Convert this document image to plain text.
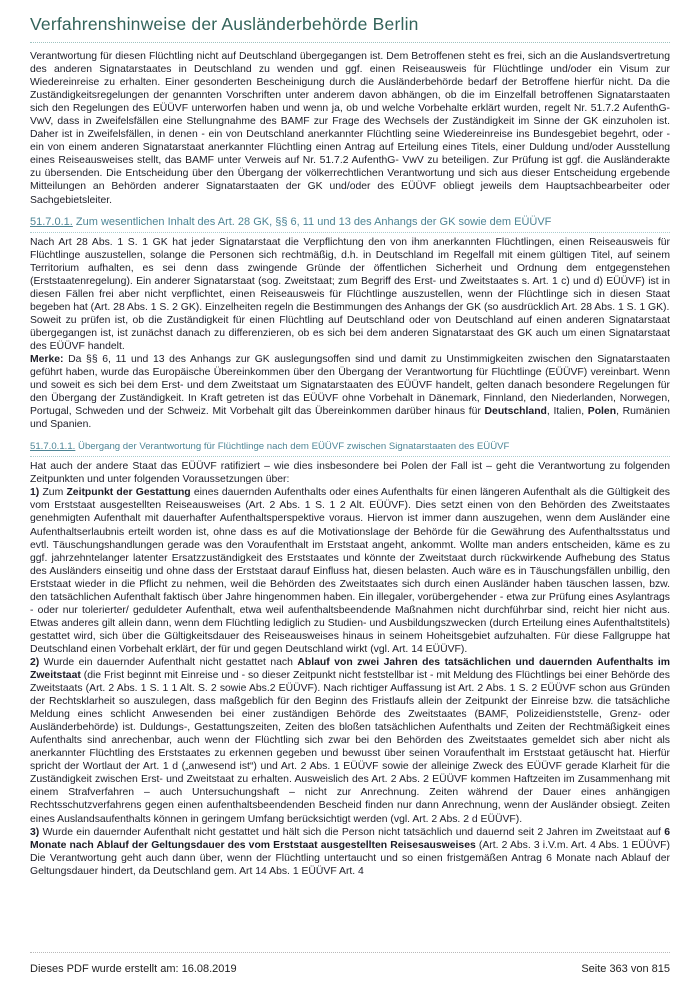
Verfahrenshinweise der Ausländerbehörde Berlin

Verantwortung für diesen Flüchtling nicht auf Deutschland übergegangen ist. Dem Betroffenen steht es frei, sich an die Auslandsvertretung des anderen Signatarstaates in Deutschland zu wenden und ggf. einen Reiseausweis für Flüchtlinge und/oder ein Visum zur Wiedereinreise zu erhalten. Einer gesonderten Bescheinigung durch die Ausländerbehörde bedarf der Betroffene hierfür nicht. Da die Zuständigkeitsregelungen der genannten Vorschriften unter anderem davon abhängen, ob die im Einzelfall betroffenen Signatarstaaten sich den Regelungen des EÜÜVF unterworfen haben und wenn ja, ob und welche Vorbehalte erklärt wurden, regelt Nr. 51.7.2 AufenthG- VwV, dass in Zweifelsfällen eine Stellungnahme des BAMF zur Frage des Wechsels der Zuständigkeit im Sinne der GK einzuholen ist. Daher ist in Zweifelsfällen, in denen - ein von Deutschland anerkannter Flüchtling seine Wiedereinreise ins Bundesgebiet begehrt, oder - ein von einem anderen Signatarstaat anerkannter Flüchtling einen Antrag auf Erteilung eines Titels, einer Duldung und/oder Ausstellung eines Reiseausweises stellt, das BAMF unter Verweis auf Nr. 51.7.2 AufenthG- VwV zu beteiligen. Zur Prüfung ist ggf. die Ausländerakte zu übersenden. Die Entscheidung über den Übergang der völkerrechtlichen Verantwortung und sich aus dieser Entscheidung ergebende Mitteilungen an Behörden anderer Signatarstaaten der GK und/oder des EÜÜVF obliegt jeweils dem Hauptsachbearbeiter oder Sachgebietsleiter.

51.7.0.1. Zum wesentlichen Inhalt des Art. 28 GK, §§ 6, 11 und 13 des Anhangs der GK sowie dem EÜÜVF

Nach Art 28 Abs. 1 S. 1 GK hat jeder Signatarstaat die Verpflichtung den von ihm anerkannten Flüchtlingen, einen Reiseausweis für Flüchtlinge auszustellen, solange die Personen sich rechtmäßig, d.h. in Deutschland im Regelfall mit einem gültigen Titel, auf seinem Territorium aufhalten, es sei denn dass zwingende Gründe der öffentlichen Sicherheit und Ordnung dem entgegenstehen (Erststaatenregelung). Ein anderer Signatarstaat (sog. Zweitstaat; zum Begriff des Erst- und Zweitstaates s. Art. 1 c) und d) EÜÜVF) ist in diesen Fällen frei aber nicht verpflichtet, einen Reiseausweis für Flüchtlinge auszustellen, wenn der Flüchtlinge sich in diesen Staat begeben hat (Art. 28 Abs. 1 S. 2 GK). Einzelheiten regeln die Bestimmungen des Anhangs der GK (so ausdrücklich Art. 28 Abs. 1 S. 1 GK).

Soweit zu prüfen ist, ob die Zuständigkeit für einen Flüchtling auf Deutschland oder von Deutschland auf einen anderen Signatarstaat übergegangen ist, ist zunächst danach zu differenzieren, ob es sich bei dem anderen Signatarstaat des GK auch um einen Signatarstaat des EÜÜVF handelt.

Merke: Da §§ 6, 11 und 13 des Anhangs zur GK auslegungsoffen sind und damit zu Unstimmigkeiten zwischen den Signatarstaaten geführt haben, wurde das Europäische Übereinkommen über den Übergang der Verantwortung für Flüchtlinge (EÜÜVF) vereinbart. Wenn und soweit es sich bei dem Erst- und dem Zweitstaat um Signatarstaaten des EÜÜVF handelt, gelten danach besondere Regelungen für den Übergang der Zuständigkeit. In Kraft getreten ist das EÜÜVF ohne Vorbehalt in Dänemark, Finnland, den Niederlanden, Norwegen, Portugal, Schweden und der Schweiz. Mit Vorbehalt gilt das Übereinkommen darüber hinaus für Deutschland, Italien, Polen, Rumänien und Spanien.

51.7.0.1.1. Übergang der Verantwortung für Flüchtlinge nach dem EÜÜVF zwischen Signatarstaaten des EÜÜVF

Hat auch der andere Staat das EÜÜVF ratifiziert – wie dies insbesondere bei Polen der Fall ist – geht die Verantwortung zu folgenden Zeitpunkten und unter folgenden Voraussetzungen über:

1) Zum Zeitpunkt der Gestattung eines dauernden Aufenthalts oder eines Aufenthalts für einen längeren Aufenthalt als die Gültigkeit des vom Erststaat ausgestellten Reiseausweises (Art. 2 Abs. 1 S. 1 2 Alt. EÜÜVF). Dies setzt einen von den Behörden des Zweitstaates genehmigten Aufenthalt mit dauerhafter Aufenthaltsperspektive voraus. Hiervon ist immer dann auszugehen, wenn dem Ausländer eine Aufenthaltserlaubnis erteilt worden ist, ohne dass es auf die Motivationslage der Behörde für die Gewährung des Aufenthaltsstatus und evtl. Täuschungshandlungen gerade was den Voraufenthalt im Erststaat angeht, ankommt. Wollte man anders entscheiden, käme es zu ggf. jahrzehntelanger latenter Ersatzzuständigkeit des Erststaates und könnte der Zweitstaat durch rückwirkende Aufhebung des Status des Ausländers einseitig und ohne dass der Erststaat darauf Einfluss hat, diesen belasten. Auch wäre es in Täuschungsfällen unbillig, den Erststaat wieder in die Pflicht zu nehmen, weil die Behörden des Zweitstaates sich durch einen Ausländer haben täuschen lassen, bzw. den tatsächlichen Aufenthalt faktisch über Jahre hingenommen haben. Ein illegaler, vorübergehender - etwa zur Prüfung eines Asylantrags - oder nur tolerierter/ geduldeter Aufenthalt, etwa weil aufenthaltsbeendende Maßnahmen nicht durchführbar sind, reicht hier nicht aus. Etwas anderes gilt allein dann, wenn dem Flüchtling lediglich zu Studien- und Ausbildungszwecken (durch Erteilung eines Aufenthaltstitels) gestattet wird, sich über die Gültigkeitsdauer des Reiseausweises hinaus in seinem Hoheitsgebiet aufzuhalten. Für diese Fallgruppe hat Deutschland einen Vorbehalt erklärt, der für und gegen Deutschland wirkt (vgl. Art. 14 EÜÜVF).

2) Wurde ein dauernder Aufenthalt nicht gestattet nach Ablauf von zwei Jahren des tatsächlichen und dauernden Aufenthalts im Zweitstaat (die Frist beginnt mit Einreise und - so dieser Zeitpunkt nicht feststellbar ist - mit Meldung des Flüchtlings bei einer Behörde des Zweitstaats (Art. 2 Abs. 1 S. 1 1 Alt. S. 2 sowie Abs.2 EÜÜVF). Nach richtiger Auffassung ist Art. 2 Abs. 1 S. 2 EÜÜVF schon aus Gründen der Rechtsklarheit so auszulegen, dass maßgeblich für den Beginn des Fristlaufs allein der Zeitpunkt der Einreise bzw. die tatsächliche Meldung eines schlicht Anwesenden bei einer zuständigen Behörde des Zweitstaates (BAMF, Polizeidienststelle, Grenz- oder Ausländerbehörde) ist. Duldungs-, Gestattungszeiten, Zeiten des bloßen tatsächlichen Aufenthalts und Zeiten der Rechtmäßigkeit eines Aufenthalts sind anrechenbar, auch wenn der Flüchtling sich zwar bei den Behörden des Zweitstaates gemeldet sich aber nicht als anerkannter Flüchtling des Erststaates zu erkennen gegeben und bewusst über seinen Voraufenthalt im Erststaat getäuscht hat. Hierfür spricht der Wortlaut der Art. 1 d („anwesend ist“) und Art. 2 Abs. 1 EÜÜVF sowie der alleinige Zweck des EÜÜVF gerade Klarheit für die Zuständigkeit zwischen Erst- und Zweitstaat zu erhalten. Ausweislich des Art. 2 Abs. 2 EÜÜVF kommen Haftzeiten im Zusammenhang mit einem Strafverfahren – auch Untersuchungshaft – nicht zur Anrechnung. Zeiten während der Dauer eines anhängigen Rechtsschutzverfahrens gegen einen aufenthaltsbeendenden Bescheid finden nur dann Anrechnung, wenn der Ausländer obsiegt. Zeiten eines Auslandsaufenthalts können in geringem Umfang berücksichtigt werden (vgl. Art. 2 Abs. 2 d EÜÜVF).

3) Wurde ein dauernder Aufenthalt nicht gestattet und hält sich die Person nicht tatsächlich und dauernd seit 2 Jahren im Zweitstaat auf 6 Monate nach Ablauf der Geltungsdauer des vom Erststaat ausgestellten Reisesausweises (Art. 2 Abs. 3 i.V.m. Art. 4 Abs. 1 EÜÜVF) Die Verantwortung geht auch dann über, wenn der Flüchtling untertaucht und so einen fristgemäßen Antrag 6 Monate nach Ablauf der Geltungsdauer hindert, da Deutschland gem. Art 14 Abs. 1 EÜÜVF Art. 4

Dieses PDF wurde erstellt am: 16.08.2019	Seite 363 von 815
